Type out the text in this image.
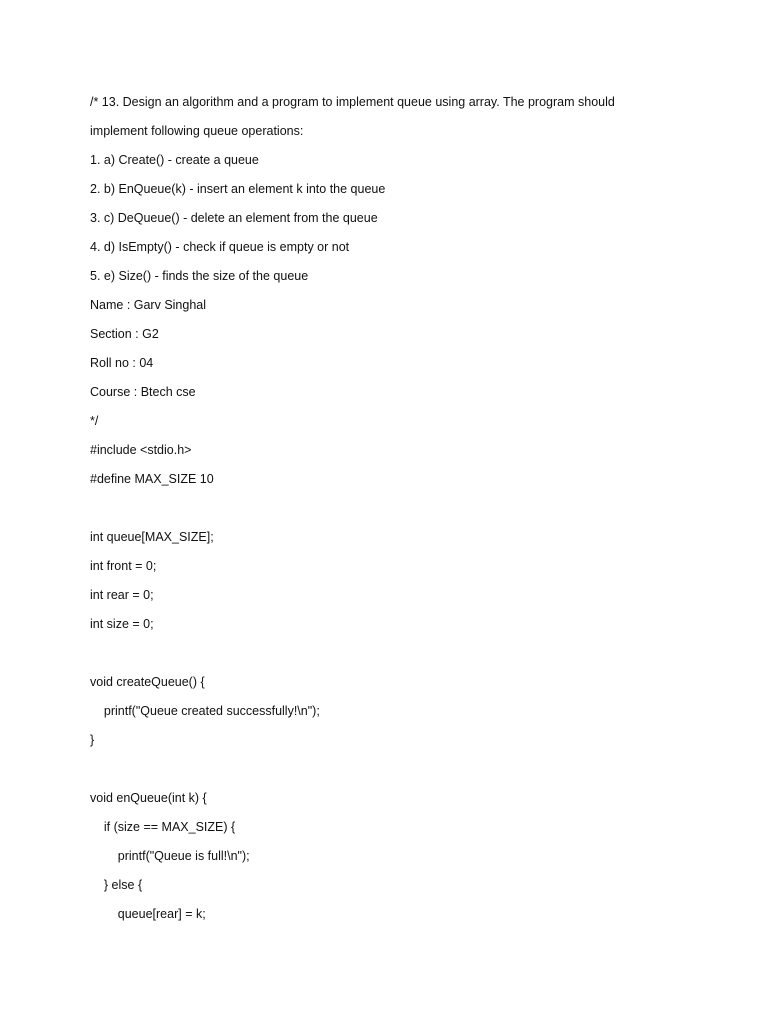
/* 13. Design an algorithm and a program to implement queue using array. The program should
implement following queue operations:
1. a) Create() - create a queue
2. b) EnQueue(k) - insert an element k into the queue
3. c) DeQueue() - delete an element from the queue
4. d) IsEmpty() - check if queue is empty or not
5. e) Size() - finds the size of the queue
Name : Garv Singhal
Section : G2
Roll no : 04
Course : Btech cse
*/
#include <stdio.h>
#define MAX_SIZE 10
int queue[MAX_SIZE];
int front = 0;
int rear = 0;
int size = 0;
void createQueue() {
printf("Queue created successfully!\n");
}
void enQueue(int k) {
if (size == MAX_SIZE) {
printf("Queue is full!\n");
} else {
queue[rear] = k;
